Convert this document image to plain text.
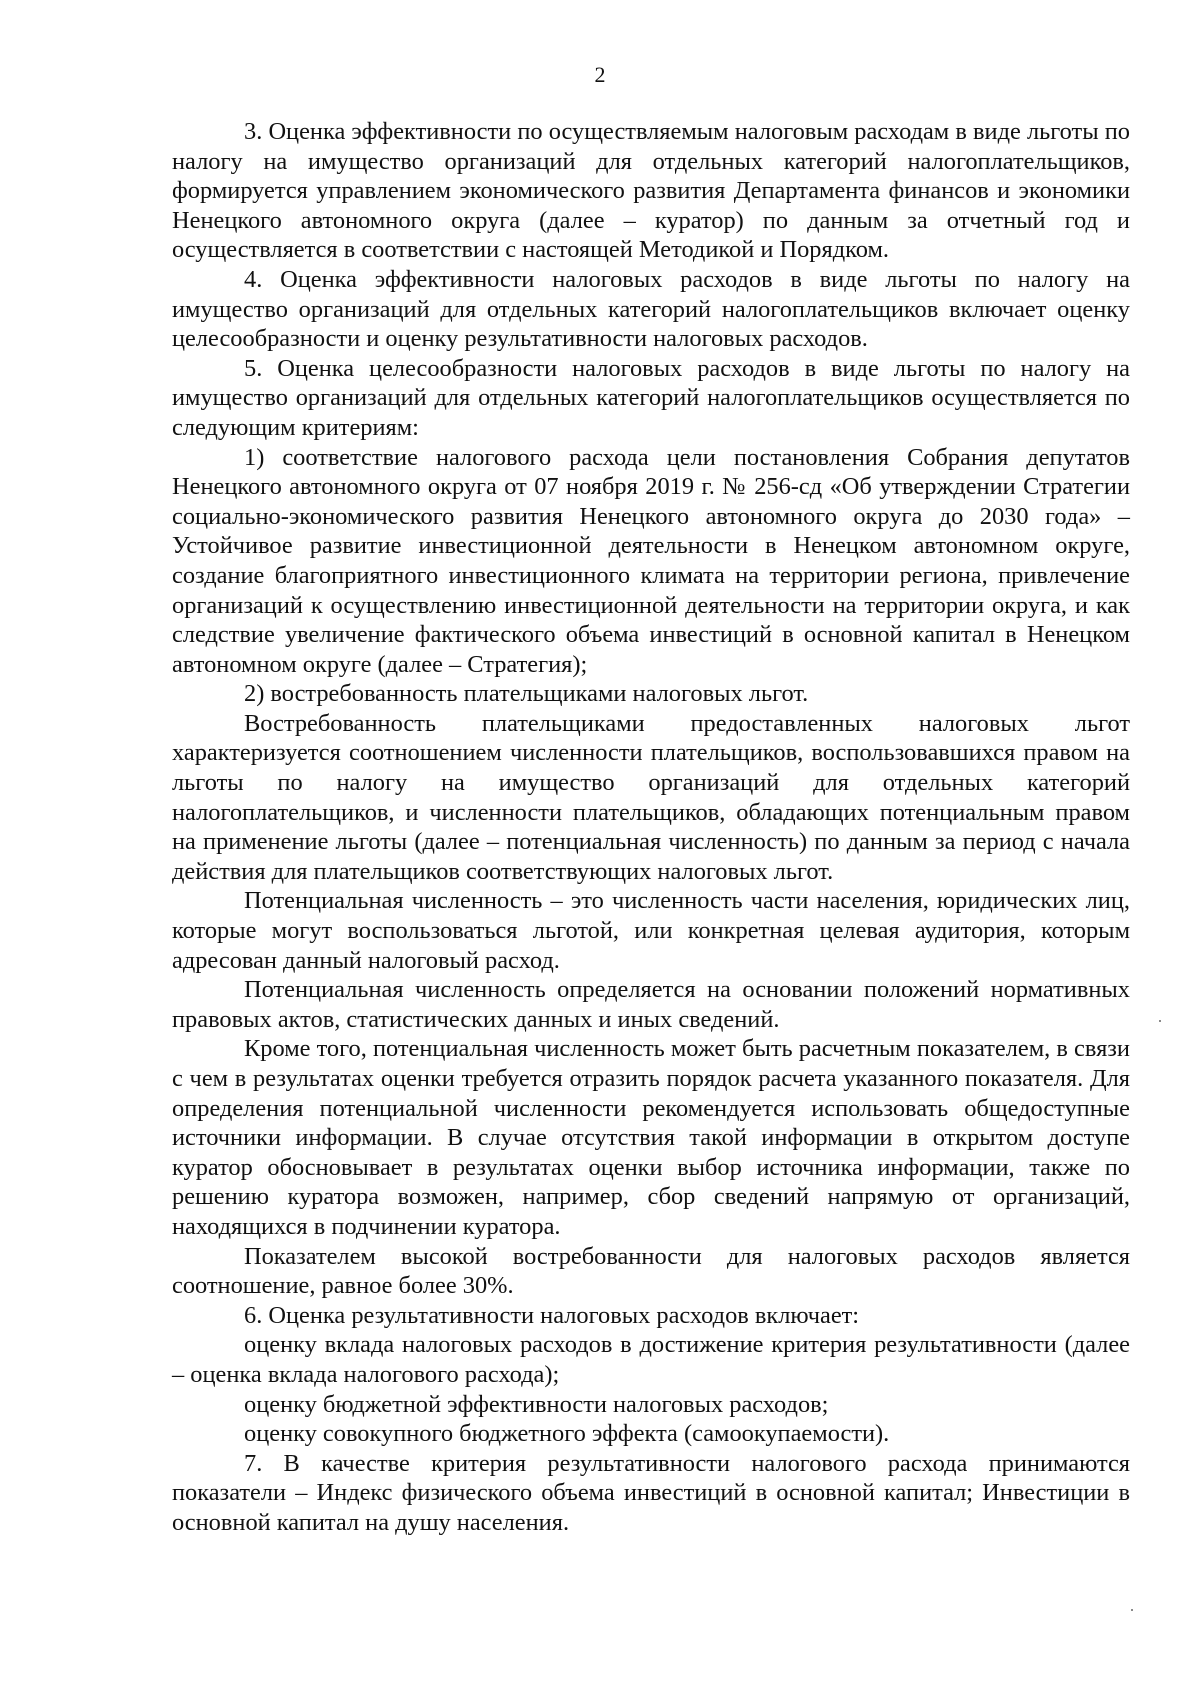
2

3. Оценка эффективности по осуществляемым налоговым расходам в виде льготы по налогу на имущество организаций для отдельных категорий налогоплательщиков, формируется управлением экономического развития Департамента финансов и экономики Ненецкого автономного округа (далее – куратор) по данным за отчетный год и осуществляется в соответствии с настоящей Методикой и Порядком.

4. Оценка эффективности налоговых расходов в виде льготы по налогу на имущество организаций для отдельных категорий налогоплательщиков включает оценку целесообразности и оценку результативности налоговых расходов.

5. Оценка целесообразности налоговых расходов в виде льготы по налогу на имущество организаций для отдельных категорий налогоплательщиков осуществляется по следующим критериям:

1) соответствие налогового расхода цели постановления Собрания депутатов Ненецкого автономного округа от 07 ноября 2019 г. № 256-сд «Об утверждении Стратегии социально-экономического развития Ненецкого автономного округа до 2030 года» – Устойчивое развитие инвестиционной деятельности в Ненецком автономном округе, создание благоприятного инвестиционного климата на территории региона, привлечение организаций к осуществлению инвестиционной деятельности на территории округа, и как следствие увеличение фактического объема инвестиций в основной капитал в Ненецком автономном округе (далее – Стратегия);

2) востребованность плательщиками налоговых льгот.

Востребованность плательщиками предоставленных налоговых льгот характеризуется соотношением численности плательщиков, воспользовавшихся правом на льготы по налогу на имущество организаций для отдельных категорий налогоплательщиков, и численности плательщиков, обладающих потенциальным правом на применение льготы (далее – потенциальная численность) по данным за период с начала действия для плательщиков соответствующих налоговых льгот.

Потенциальная численность – это численность части населения, юридических лиц, которые могут воспользоваться льготой, или конкретная целевая аудитория, которым адресован данный налоговый расход.

Потенциальная численность определяется на основании положений нормативных правовых актов, статистических данных и иных сведений.

Кроме того, потенциальная численность может быть расчетным показателем, в связи с чем в результатах оценки требуется отразить порядок расчета указанного показателя. Для определения потенциальной численности рекомендуется использовать общедоступные источники информации. В случае отсутствия такой информации в открытом доступе куратор обосновывает в результатах оценки выбор источника информации, также по решению куратора возможен, например, сбор сведений напрямую от организаций, находящихся в подчинении куратора.

Показателем высокой востребованности для налоговых расходов является соотношение, равное более 30%.

6. Оценка результативности налоговых расходов включает:

оценку вклада налоговых расходов в достижение критерия результативности (далее – оценка вклада налогового расхода);

оценку бюджетной эффективности налоговых расходов;

оценку совокупного бюджетного эффекта (самоокупаемости).

7. В качестве критерия результативности налогового расхода принимаются показатели – Индекс физического объема инвестиций в основной капитал; Инвестиции в основной капитал на душу населения.
